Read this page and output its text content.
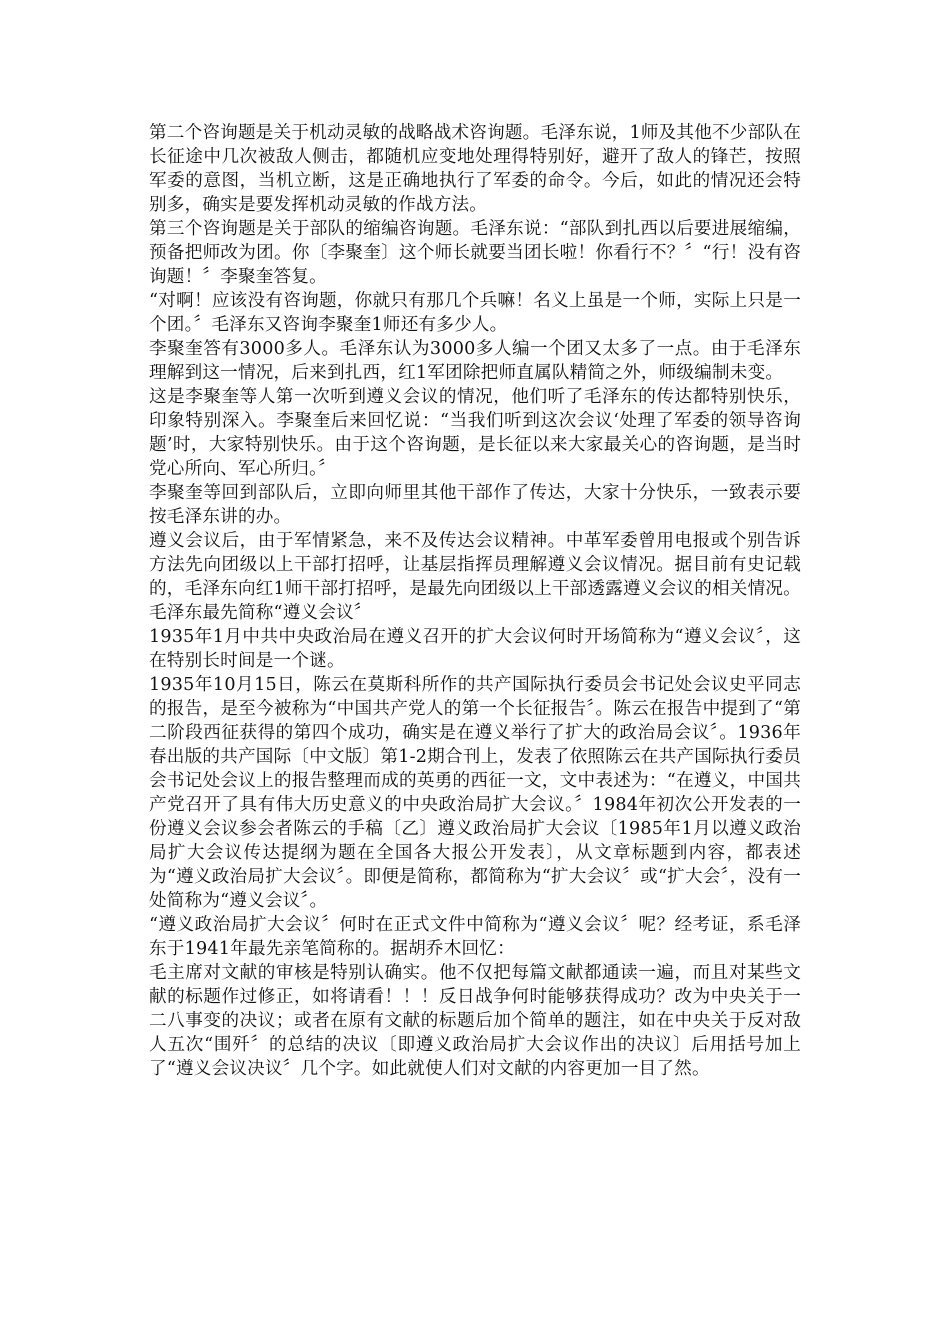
第二个咨询题是关于机动灵敏的战略战术咨询题。毛泽东说，1师及其他不少部队在长征途中几次被敌人侧击，都随机应变地处理得特别好，避开了敌人的锋芒，按照军委的意图，当机立断，这是正确地执行了军委的命令。今后，如此的情况还会特别多，确实是要发挥机动灵敏的作战方法。

第三个咨询题是关于部队的缩编咨询题。毛泽东说：“部队到扎西以后要进展缩编，预备把师改为团。你〔李聚奎〕这个师长就要当团长啦！你看行不？〞“行！没有咨询题！〞李聚奎答复。

“对啊！应该没有咨询题，你就只有那几个兵嘛！名义上虽是一个师，实际上只是一个团。〞毛泽东又咨询李聚奎1师还有多少人。

李聚奎答有3000多人。毛泽东认为3000多人编一个团又太多了一点。由于毛泽东理解到这一情况，后来到扎西，红1军团除把师直属队精简之外，师级编制未变。

这是李聚奎等人第一次听到遵义会议的情况，他们听了毛泽东的传达都特别快乐，印象特别深入。李聚奎后来回忆说：“当我们听到这次会议‘处理了军委的领导咨询题’时，大家特别快乐。由于这个咨询题，是长征以来大家最关心的咨询题，是当时党心所向、军心所归。〞

李聚奎等回到部队后，立即向师里其他干部作了传达，大家十分快乐，一致表示要按毛泽东讲的办。

遵义会议后，由于军情紧急，来不及传达会议精神。中革军委曾用电报或个别告诉方法先向团级以上干部打招呼，让基层指挥员理解遵义会议情况。据目前有史记载的，毛泽东向红1师干部打招呼，是最先向团级以上干部透露遵义会议的相关情况。

毛泽东最先简称“遵义会议〞

1935年1月中共中央政治局在遵义召开的扩大会议何时开场简称为“遵义会议〞，这在特别长时间是一个谜。

1935年10月15日，陈云在莫斯科所作的共产国际执行委员会书记处会议史平同志的报告，是至今被称为“中国共产党人的第一个长征报告〞。陈云在报告中提到了“第二阶段西征获得的第四个成功，确实是在遵义举行了扩大的政治局会议〞。1936年春出版的共产国际〔中文版〕第1-2期合刊上，发表了依照陈云在共产国际执行委员会书记处会议上的报告整理而成的英勇的西征一文，文中表述为：“在遵义，中国共产党召开了具有伟大历史意义的中央政治局扩大会议。〞1984年初次公开发表的一份遵义会议参会者陈云的手稿〔乙〕遵义政治局扩大会议〔1985年1月以遵义政治局扩大会议传达提纲为题在全国各大报公开发表〕，从文章标题到内容，都表述为“遵义政治局扩大会议〞。即便是简称，都简称为“扩大会议〞或“扩大会〞，没有一处简称为“遵义会议〞。

“遵义政治局扩大会议〞何时在正式文件中简称为“遵义会议〞呢？经考证，系毛泽东于1941年最先亲笔简称的。据胡乔木回忆：

毛主席对文献的审核是特别认确实。他不仅把每篇文献都通读一遍，而且对某些文献的标题作过修正，如将请看！！！反日战争何时能够获得成功？改为中央关于一二八事变的决议；或者在原有文献的标题后加个简单的题注，如在中央关于反对敌人五次“围歼〞的总结的决议〔即遵义政治局扩大会议作出的决议〕后用括号加上了“遵义会议决议〞几个字。如此就使人们对文献的内容更加一目了然。
